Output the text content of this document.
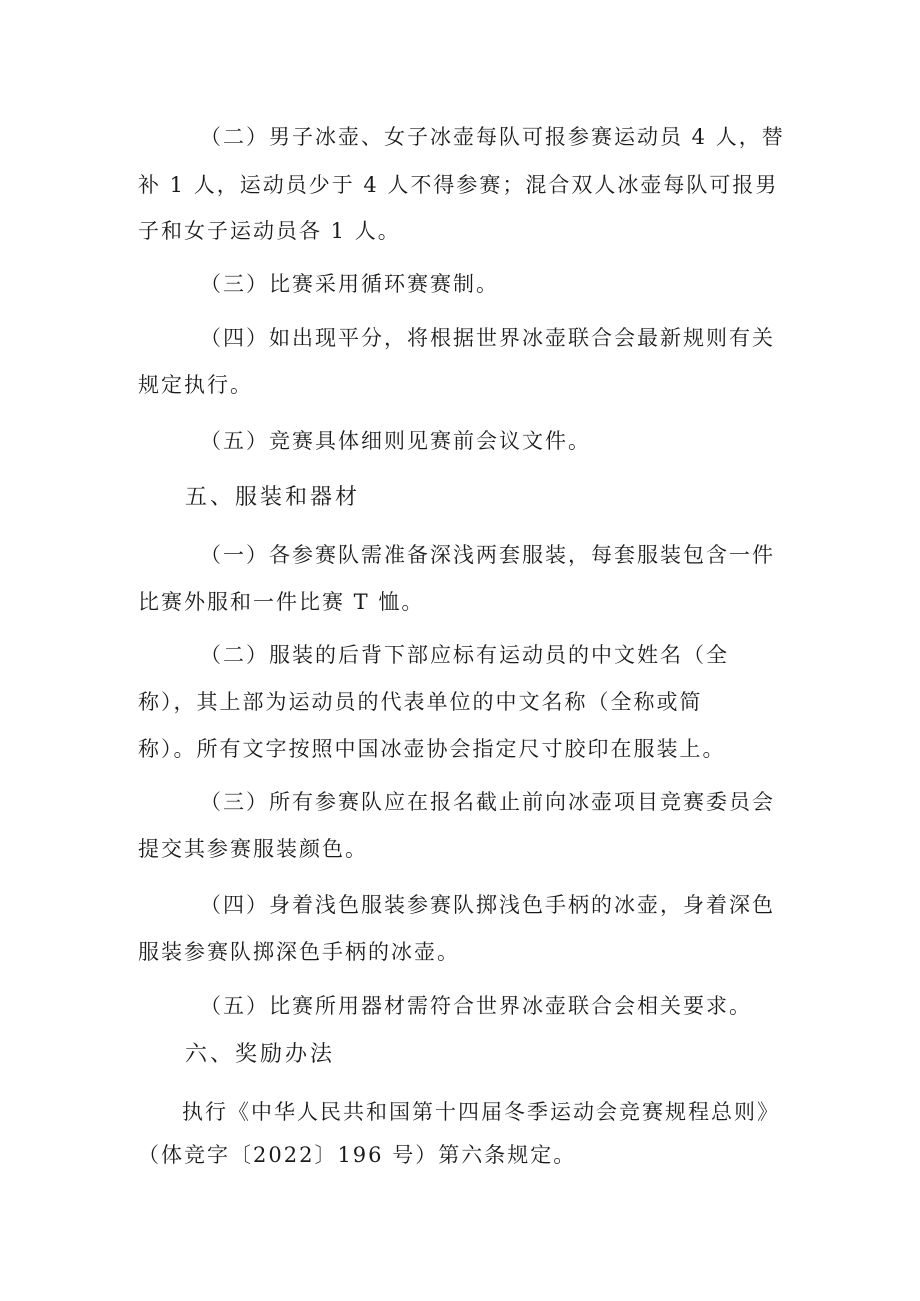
（二）男子冰壶、女子冰壶每队可报参赛运动员 4 人，替

补 1 人，运动员少于 4 人不得参赛；混合双人冰壶每队可报男

子和女子运动员各 1 人。

（三）比赛采用循环赛赛制。

（四）如出现平分，将根据世界冰壶联合会最新规则有关

规定执行。

（五）竞赛具体细则见赛前会议文件。

五、服装和器材

（一）各参赛队需准备深浅两套服装，每套服装包含一件

比赛外服和一件比赛 T 恤。

（二）服装的后背下部应标有运动员的中文姓名（全

称），其上部为运动员的代表单位的中文名称（全称或简

称）。所有文字按照中国冰壶协会指定尺寸胶印在服装上。

（三）所有参赛队应在报名截止前向冰壶项目竞赛委员会

提交其参赛服装颜色。

（四）身着浅色服装参赛队掷浅色手柄的冰壶，身着深色

服装参赛队掷深色手柄的冰壶。

（五）比赛所用器材需符合世界冰壶联合会相关要求。

六、奖励办法

执行《中华人民共和国第十四届冬季运动会竞赛规程总则》

（体竞字〔2022〕196 号）第六条规定。
